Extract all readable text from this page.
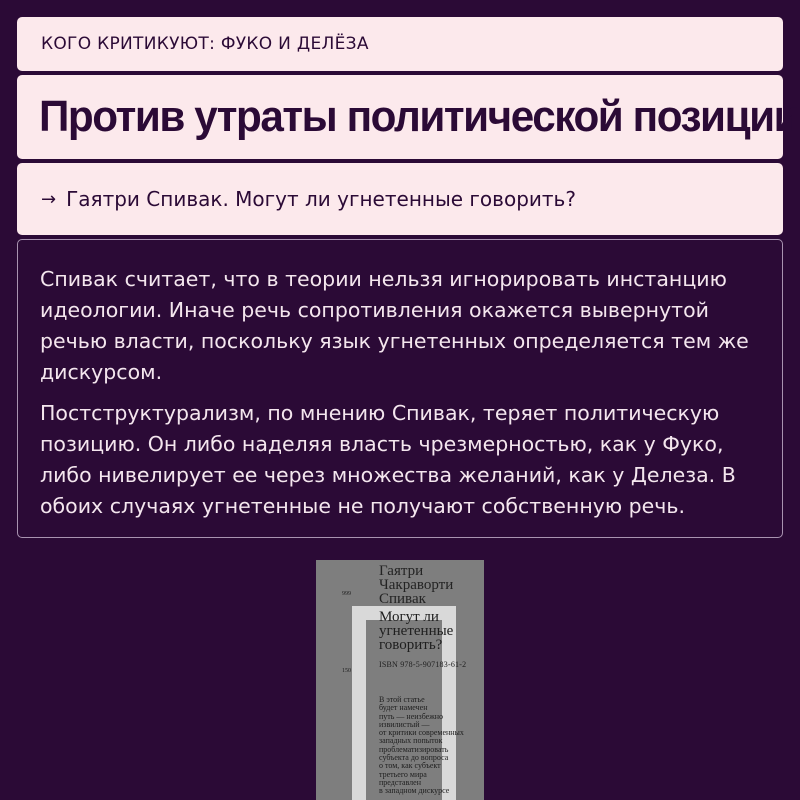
КОГО КРИТИКУЮТ: ФУКО И ДЕЛЁЗА
Против утраты политической позиции
→ Гаятри Спивак. Могут ли угнетенные говорить?

Спивак считает, что в теории нельзя игнорировать инстанцию идеологии. Иначе речь сопротивления окажется вывернутой речью власти, поскольку язык угнетенных определяется тем же дискурсом.

Постструктурализм, по мнению Спивак, теряет политическую позицию. Он либо наделяя власть чрезмерностью, как у Фуко, либо нивелирует ее через множества желаний, как у Делеза. В обоих случаях угнетенные не получают собственную речь.

999
150
Гаятри
Чакраворти
Спивак
Могут ли
угнетенные
говорить?
ISBN 978-5-907183-61-2
В этой статье
будет намечен
путь — неизбежно
извилистый —
от критики современных
западных попыток
проблематизировать
субъекта до вопроса
о том, как субъект
третьего мира
представлен
в западном дискурсе
